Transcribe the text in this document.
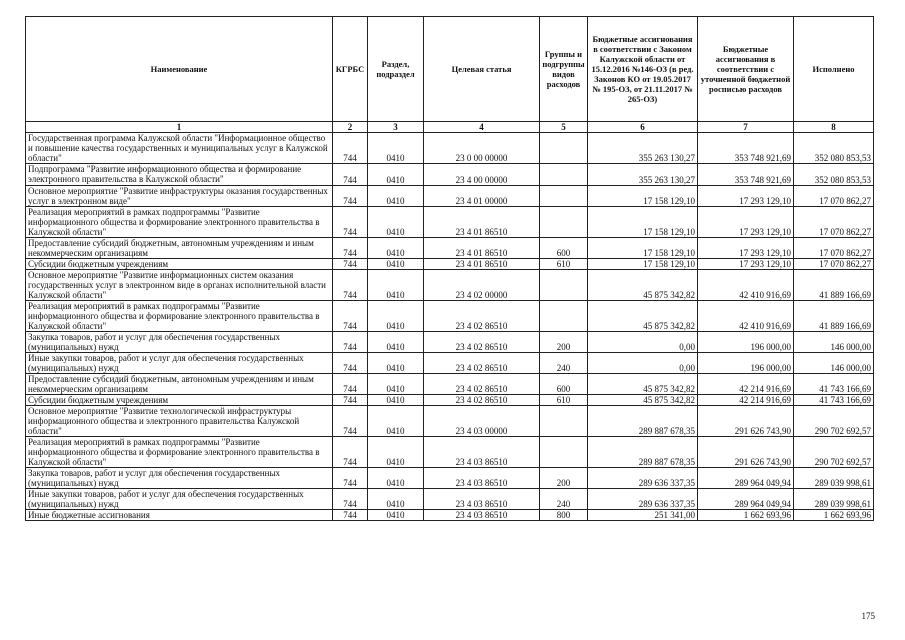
Наименование	КГРБС	Раздел, подраздел	Целевая статья	Группы и подгруппы видов расходов	Бюджетные ассигнования в соответствии с Законом Калужской области от 15.12.2016 №146-ОЗ (в ред. Законов КО от 19.05.2017 № 195-ОЗ, от 21.11.2017 № 265-ОЗ)	Бюджетные ассигнования в соответствии с уточненной бюджетной росписью расходов	Исполнено
1	2	3	4	5	6	7	8
Государственная программа Калужской области "Информационное общество и повышение качества государственных и муниципальных услуг в Калужской области"	744	0410	23 0 00 00000		355 263 130,27	353 748 921,69	352 080 853,53
Подпрограмма "Развитие информационного общества и формирование электронного правительства в Калужской области"	744	0410	23 4 00 00000		355 263 130,27	353 748 921,69	352 080 853,53
Основное мероприятие "Развитие инфраструктуры оказания государственных услуг в электронном виде"	744	0410	23 4 01 00000		17 158 129,10	17 293 129,10	17 070 862,27
Реализация мероприятий в рамках подпрограммы "Развитие информационного общества и формирование электронного правительства в Калужской области"	744	0410	23 4 01 86510		17 158 129,10	17 293 129,10	17 070 862,27
Предоставление субсидий бюджетным, автономным учреждениям и иным некоммерческим организациям	744	0410	23 4 01 86510	600	17 158 129,10	17 293 129,10	17 070 862,27
Субсидии бюджетным учреждениям	744	0410	23 4 01 86510	610	17 158 129,10	17 293 129,10	17 070 862,27
Основное мероприятие "Развитие информационных систем оказания государственных услуг в электронном виде в органах исполнительной власти Калужской области"	744	0410	23 4 02 00000		45 875 342,82	42 410 916,69	41 889 166,69
Реализация мероприятий в рамках подпрограммы "Развитие информационного общества и формирование электронного правительства в Калужской области"	744	0410	23 4 02 86510		45 875 342,82	42 410 916,69	41 889 166,69
Закупка товаров, работ и услуг для обеспечения государственных (муниципальных) нужд	744	0410	23 4 02 86510	200	0,00	196 000,00	146 000,00
Иные закупки товаров, работ и услуг для обеспечения государственных (муниципальных) нужд	744	0410	23 4 02 86510	240	0,00	196 000,00	146 000,00
Предоставление субсидий бюджетным, автономным учреждениям и иным некоммерческим организациям	744	0410	23 4 02 86510	600	45 875 342,82	42 214 916,69	41 743 166,69
Субсидии бюджетным учреждениям	744	0410	23 4 02 86510	610	45 875 342,82	42 214 916,69	41 743 166,69
Основное мероприятие "Развитие технологической инфраструктуры информационного общества и электронного правительства Калужской области"	744	0410	23 4 03 00000		289 887 678,35	291 626 743,90	290 702 692,57
Реализация мероприятий в рамках подпрограммы "Развитие информационного общества и формирование электронного правительства в Калужской области"	744	0410	23 4 03 86510		289 887 678,35	291 626 743,90	290 702 692,57
Закупка товаров, работ и услуг для обеспечения государственных (муниципальных) нужд	744	0410	23 4 03 86510	200	289 636 337,35	289 964 049,94	289 039 998,61
Иные закупки товаров, работ и услуг для обеспечения государственных (муниципальных) нужд	744	0410	23 4 03 86510	240	289 636 337,35	289 964 049,94	289 039 998,61
Иные бюджетные ассигнования	744	0410	23 4 03 86510	800	251 341,00	1 662 693,96	1 662 693,96
175
